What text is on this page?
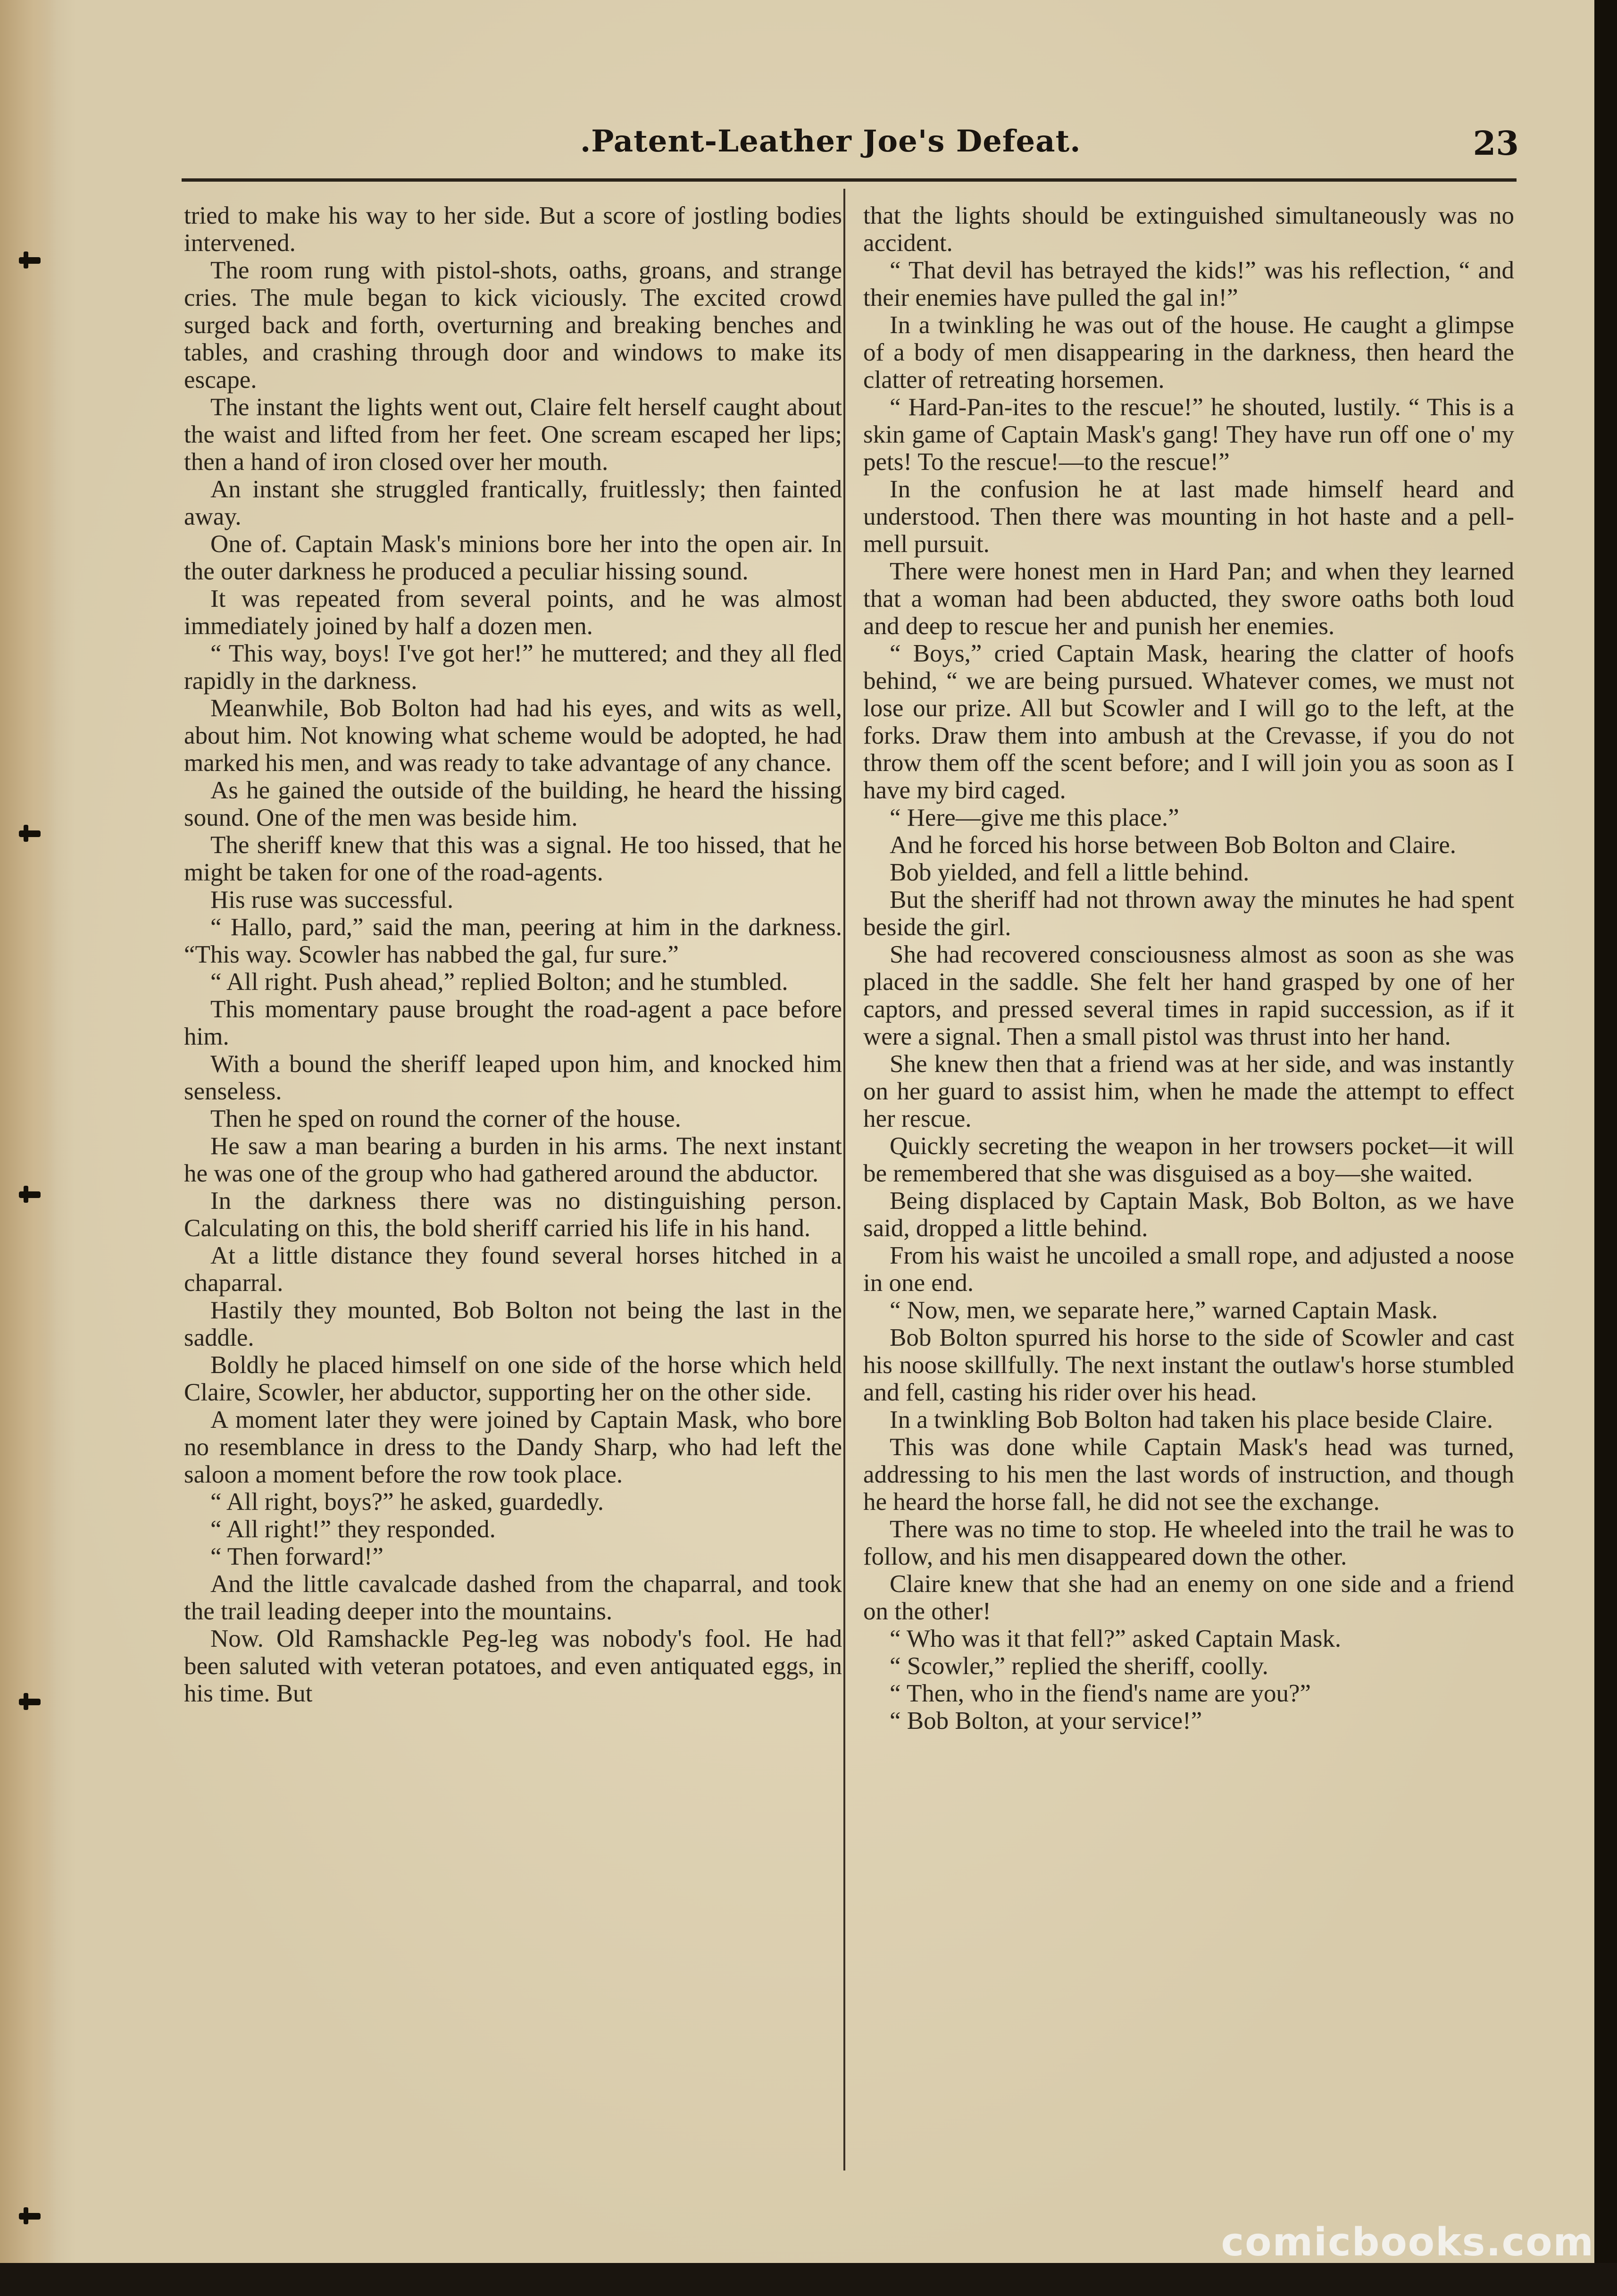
.Patent-Leather Joe's Defeat.	23

tried to make his way to her side. But a score of jostling bodies intervened.

The room rung with pistol-shots, oaths, groans, and strange cries. The mule began to kick viciously. The excited crowd surged back and forth, overturning and breaking benches and tables, and crashing through door and windows to make its escape.

The instant the lights went out, Claire felt herself caught about the waist and lifted from her feet. One scream escaped her lips; then a hand of iron closed over her mouth.

An instant she struggled frantically, fruitlessly; then fainted away.

One of. Captain Mask's minions bore her into the open air. In the outer darkness he produced a peculiar hissing sound.

It was repeated from several points, and he was almost immediately joined by half a dozen men.

“ This way, boys! I've got her!” he muttered; and they all fled rapidly in the darkness.

Meanwhile, Bob Bolton had had his eyes, and wits as well, about him. Not knowing what scheme would be adopted, he had marked his men, and was ready to take advantage of any chance.

As he gained the outside of the building, he heard the hissing sound. One of the men was beside him.

The sheriff knew that this was a signal. He too hissed, that he might be taken for one of the road-agents.

His ruse was successful.

“ Hallo, pard,” said the man, peering at him in the darkness. “This way. Scowler has nabbed the gal, fur sure.”

“ All right. Push ahead,” replied Bolton; and he stumbled.

This momentary pause brought the road-agent a pace before him.

With a bound the sheriff leaped upon him, and knocked him senseless.

Then he sped on round the corner of the house.

He saw a man bearing a burden in his arms. The next instant he was one of the group who had gathered around the abductor.

In the darkness there was no distinguishing person. Calculating on this, the bold sheriff carried his life in his hand.

At a little distance they found several horses hitched in a chaparral.

Hastily they mounted, Bob Bolton not being the last in the saddle.

Boldly he placed himself on one side of the horse which held Claire, Scowler, her abductor, supporting her on the other side.

A moment later they were joined by Captain Mask, who bore no resemblance in dress to the Dandy Sharp, who had left the saloon a moment before the row took place.

“ All right, boys?” he asked, guardedly.

“ All right!” they responded.

“ Then forward!”

And the little cavalcade dashed from the chaparral, and took the trail leading deeper into the mountains.

Now. Old Ramshackle Peg-leg was nobody's fool. He had been saluted with veteran potatoes, and even antiquated eggs, in his time. But

that the lights should be extinguished simultaneously was no accident.

“ That devil has betrayed the kids!” was his reflection, “ and their enemies have pulled the gal in!”

In a twinkling he was out of the house. He caught a glimpse of a body of men disappearing in the darkness, then heard the clatter of retreating horsemen.

“ Hard-Pan-ites to the rescue!” he shouted, lustily. “ This is a skin game of Captain Mask's gang! They have run off one o' my pets! To the rescue!—to the rescue!”

In the confusion he at last made himself heard and understood. Then there was mounting in hot haste and a pell-mell pursuit.

There were honest men in Hard Pan; and when they learned that a woman had been abducted, they swore oaths both loud and deep to rescue her and punish her enemies.

“ Boys,” cried Captain Mask, hearing the clatter of hoofs behind, “ we are being pursued. Whatever comes, we must not lose our prize. All but Scowler and I will go to the left, at the forks. Draw them into ambush at the Crevasse, if you do not throw them off the scent before; and I will join you as soon as I have my bird caged.

“ Here—give me this place.”

And he forced his horse between Bob Bolton and Claire.

Bob yielded, and fell a little behind.

But the sheriff had not thrown away the minutes he had spent beside the girl.

She had recovered consciousness almost as soon as she was placed in the saddle. She felt her hand grasped by one of her captors, and pressed several times in rapid succession, as if it were a signal. Then a small pistol was thrust into her hand.

She knew then that a friend was at her side, and was instantly on her guard to assist him, when he made the attempt to effect her rescue.

Quickly secreting the weapon in her trowsers pocket—it will be remembered that she was disguised as a boy—she waited.

Being displaced by Captain Mask, Bob Bolton, as we have said, dropped a little behind.

From his waist he uncoiled a small rope, and adjusted a noose in one end.

“ Now, men, we separate here,” warned Captain Mask.

Bob Bolton spurred his horse to the side of Scowler and cast his noose skillfully. The next instant the outlaw's horse stumbled and fell, casting his rider over his head.

In a twinkling Bob Bolton had taken his place beside Claire.

This was done while Captain Mask's head was turned, addressing to his men the last words of instruction, and though he heard the horse fall, he did not see the exchange.

There was no time to stop. He wheeled into the trail he was to follow, and his men disappeared down the other.

Claire knew that she had an enemy on one side and a friend on the other!

“ Who was it that fell?” asked Captain Mask.

“ Scowler,” replied the sheriff, coolly.

“ Then, who in the fiend's name are you?”

“ Bob Bolton, at your service!”

comicbooks.com
